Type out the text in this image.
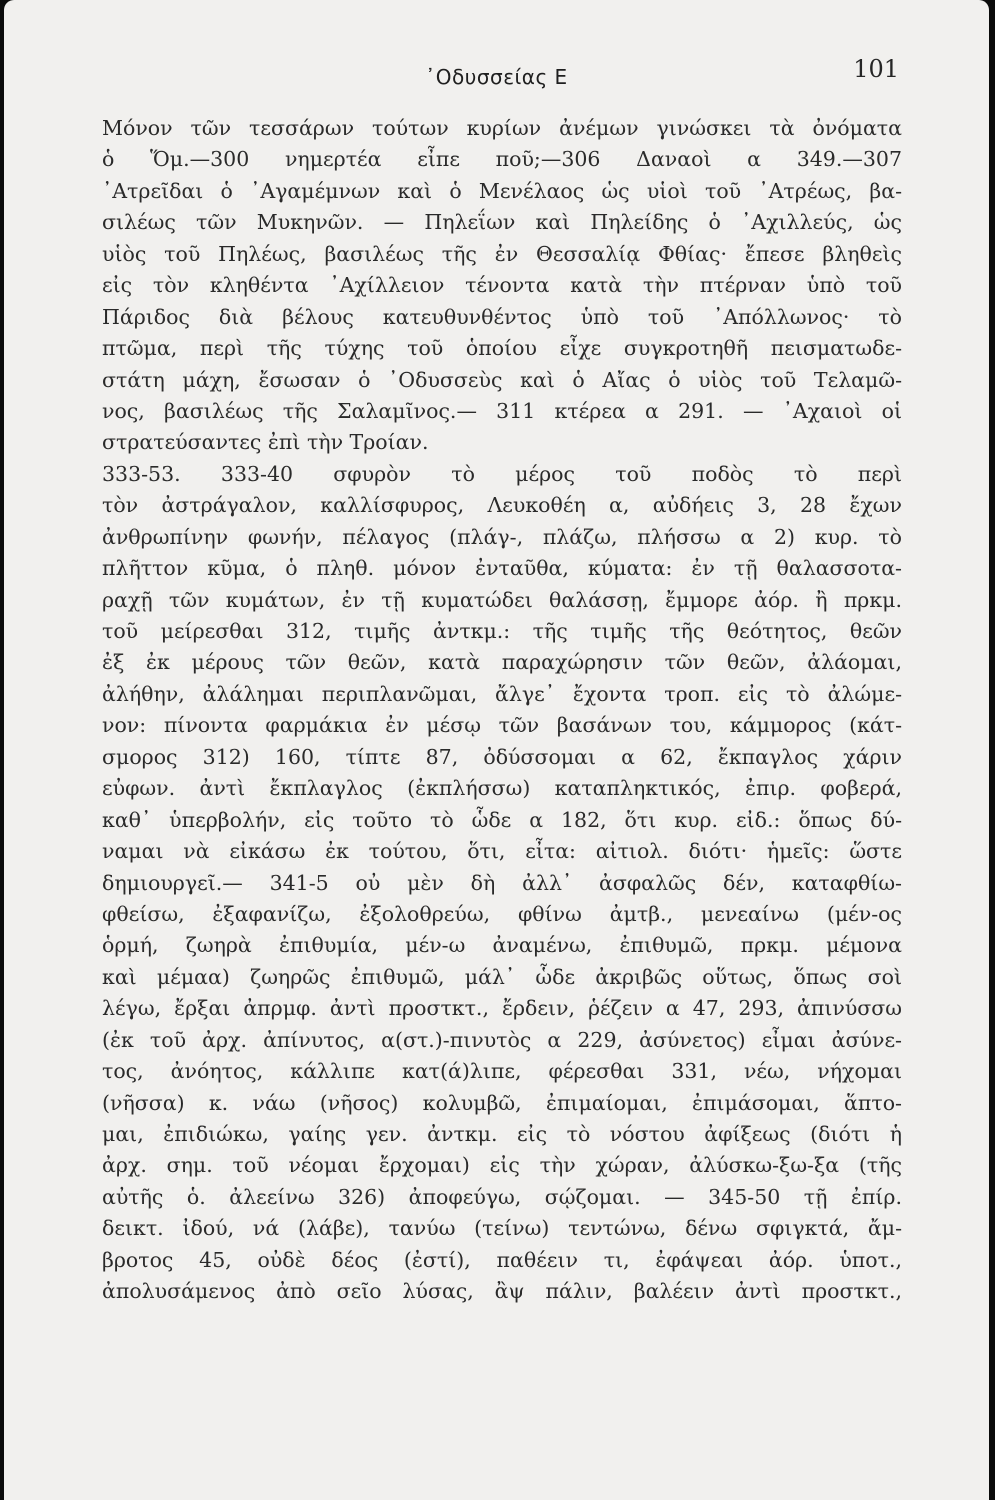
᾿Οδυσσείας Ε	101
Μόνον τῶν τεσσάρων τούτων κυρίων ἀνέμων γινώσκει τὰ ὀνόματα
ὁ Ὅμ.—300 νημερτέα εἶπε ποῦ;—306 Δαναοὶ α 349.—307
᾿Ατρεῖδαι ὁ ᾿Αγαμέμνων καὶ ὁ Μενέλαος ὡς υἱοὶ τοῦ ᾿Ατρέως, βα-
σιλέως τῶν Μυκηνῶν. — Πηλεΐων καὶ Πηλείδης ὁ ᾿Αχιλλεύς, ὡς
υἱὸς τοῦ Πηλέως, βασιλέως τῆς ἐν Θεσσαλίᾳ Φθίας· ἔπεσε βληθεὶς
εἰς τὸν κληθέντα ᾿Αχίλλειον τένοντα κατὰ τὴν πτέρναν ὑπὸ τοῦ
Πάριδος διὰ βέλους κατευθυνθέντος ὑπὸ τοῦ ᾿Απόλλωνος· τὸ
πτῶμα, περὶ τῆς τύχης τοῦ ὁποίου εἶχε συγκροτηθῆ πεισματωδε-
στάτη μάχη, ἔσωσαν ὁ ᾿Οδυσσεὺς καὶ ὁ Αἴας ὁ υἱὸς τοῦ Τελαμῶ-
νος, βασιλέως τῆς Σαλαμῖνος.— 311 κτέρεα α 291. — ᾿Αχαιοὶ οἱ
στρατεύσαντες ἐπὶ τὴν Τροίαν.
333-53. 333-40 σφυρὸν τὸ μέρος τοῦ ποδὸς τὸ περὶ
τὸν ἀστράγαλον, καλλίσφυρος, Λευκοθέη α, αὐδήεις 3, 28 ἔχων
ἀνθρωπίνην φωνήν, πέλαγος (πλάγ-, πλάζω, πλήσσω α 2) κυρ. τὸ
πλῆττον κῦμα, ὁ πληθ. μόνον ἐνταῦθα, κύματα: ἐν τῇ θαλασσοτα-
ραχῇ τῶν κυμάτων, ἐν τῇ κυματώδει θαλάσσῃ, ἔμμορε ἀόρ. ἢ πρκμ.
τοῦ μείρεσθαι 312, τιμῆς ἀντκμ.: τῆς τιμῆς τῆς θεότητος, θεῶν
ἐξ ἐκ μέρους τῶν θεῶν, κατὰ παραχώρησιν τῶν θεῶν, ἀλάομαι,
ἀλήθην, ἀλάλημαι περιπλανῶμαι, ἄλγε᾿ ἔχοντα τροπ. εἰς τὸ ἀλώμε-
νον: πίνοντα φαρμάκια ἐν μέσῳ τῶν βασάνων του, κάμμορος (κάτ-
σμορος 312) 160, τίπτε 87, ὀδύσσομαι α 62, ἔκπαγλος χάριν
εὐφων. ἀντὶ ἔκπλαγλος (ἐκπλήσσω) καταπληκτικός, ἐπιρ. φοβερά,
καθ᾿ ὑπερβολήν, εἰς τοῦτο τὸ ὧδε α 182, ὅτι κυρ. εἰδ.: ὅπως δύ-
ναμαι νὰ εἰκάσω ἐκ τούτου, ὅτι, εἶτα: αἰτιολ. διότι· ἡμεῖς: ὥστε
δημιουργεῖ.— 341-5 οὐ μὲν δὴ ἀλλ᾿ ἀσφαλῶς δέν, καταφθίω-
φθείσω, ἐξαφανίζω, ἐξολοθρεύω, φθίνω ἀμτβ., μενεαίνω (μέν-ος
ὁρμή, ζωηρὰ ἐπιθυμία, μέν-ω ἀναμένω, ἐπιθυμῶ, πρκμ. μέμονα
καὶ μέμαα) ζωηρῶς ἐπιθυμῶ, μάλ᾿ ὧδε ἀκριβῶς οὕτως, ὅπως σοὶ
λέγω, ἔρξαι ἀπρμφ. ἀντὶ προστκτ., ἔρδειν, ῥέζειν α 47, 293, ἀπινύσσω
(ἐκ τοῦ ἀρχ. ἀπίνυτος, α(στ.)-πινυτὸς α 229, ἀσύνετος) εἶμαι ἀσύνε-
τος, ἀνόητος, κάλλιπε κατ(ά)λιπε, φέρεσθαι 331, νέω, νήχομαι
(νῆσσα) κ. νάω (νῆσος) κολυμβῶ, ἐπιμαίομαι, ἐπιμάσομαι, ἅπτο-
μαι, ἐπιδιώκω, γαίης γεν. ἀντκμ. εἰς τὸ νόστου ἀφίξεως (διότι ἡ
ἀρχ. σημ. τοῦ νέομαι ἔρχομαι) εἰς τὴν χώραν, ἀλύσκω-ξω-ξα (τῆς
αὐτῆς ὁ. ἀλεείνω 326) ἀποφεύγω, σῴζομαι. — 345-50 τῇ ἐπίρ.
δεικτ. ἰδού, νά (λάβε), τανύω (τείνω) τεντώνω, δένω σφιγκτά, ἄμ-
βροτος 45, οὐδὲ δέος (ἐστί), παθέειν τι, ἐφάψεαι ἀόρ. ὑποτ.,
ἀπολυσάμενος ἀπὸ σεῖο λύσας, ἂψ πάλιν, βαλέειν ἀντὶ προστκτ.,
